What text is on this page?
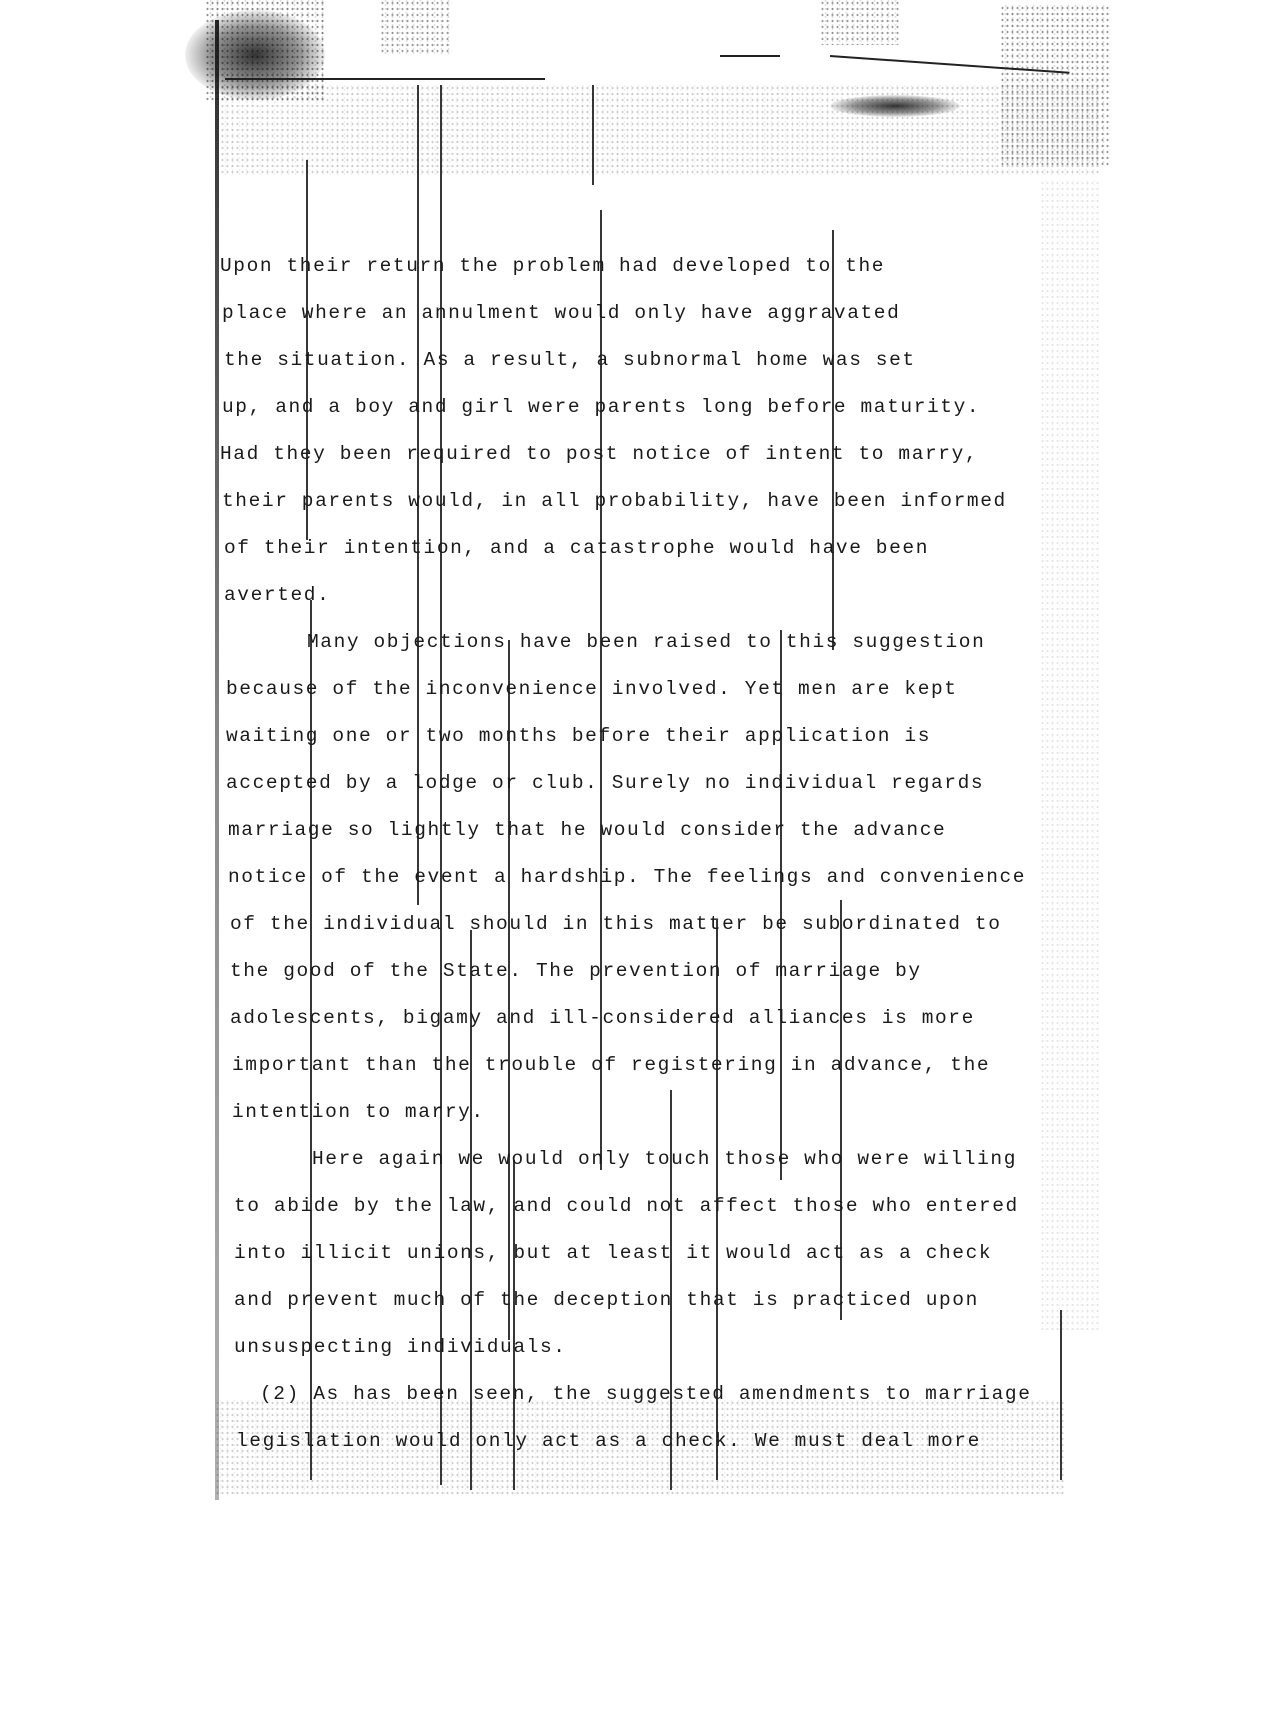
Upon their return the problem had developed to the
place where an annulment would only have aggravated
the situation. As a result, a subnormal home was set
up, and a boy and girl were parents long before maturity.
Had they been required to post notice of intent to marry,
their parents would, in all probability, have been informed
of their intention, and a catastrophe would have been
averted.
Many objections have been raised to this suggestion
because of the inconvenience involved. Yet men are kept
waiting one or two months before their application is
accepted by a lodge or club. Surely no individual regards
marriage so lightly that he would consider the advance
notice of the event a hardship. The feelings and convenience
of the individual should in this matter be subordinated to
the good of the State. The prevention of marriage by
adolescents, bigamy and ill-considered alliances is more
important than the trouble of registering in advance, the
intention to marry.
Here again we would only touch those who were willing
to abide by the law, and could not affect those who entered
into illicit unions, but at least it would act as a check
and prevent much of the deception that is practiced upon
unsuspecting individuals.
(2) As has been seen, the suggested amendments to marriage
legislation would only act as a check. We must deal more
